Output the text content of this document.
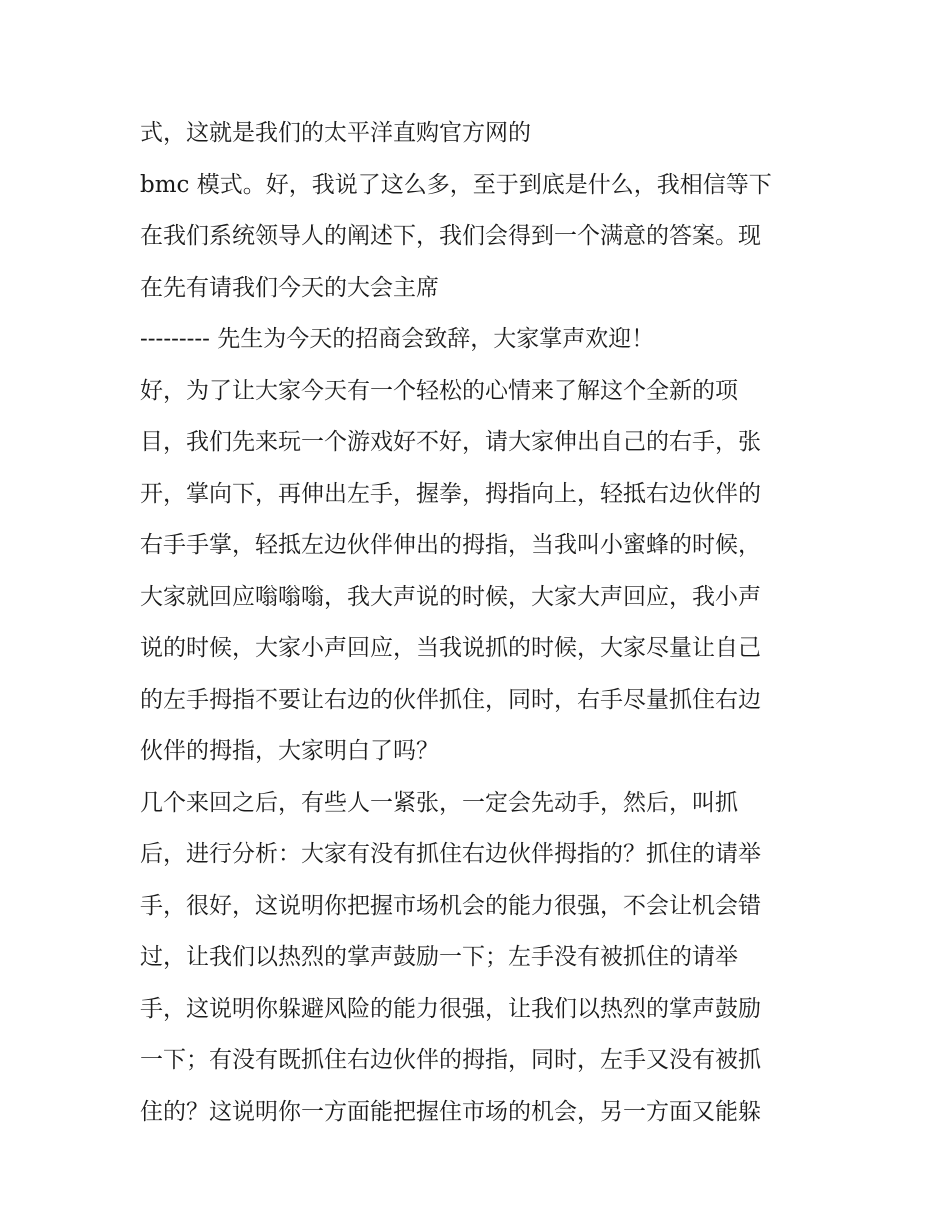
式，这就是我们的太平洋直购官方网的
bmc 模式。好，我说了这么多，至于到底是什么，我相信等下
在我们系统领导人的阐述下，我们会得到一个满意的答案。现
在先有请我们今天的大会主席
--------- 先生为今天的招商会致辞，大家掌声欢迎！
好，为了让大家今天有一个轻松的心情来了解这个全新的项
目，我们先来玩一个游戏好不好，请大家伸出自己的右手，张
开，掌向下，再伸出左手，握拳，拇指向上，轻抵右边伙伴的
右手手掌，轻抵左边伙伴伸出的拇指，当我叫小蜜蜂的时候，
大家就回应嗡嗡嗡，我大声说的时候，大家大声回应，我小声
说的时候，大家小声回应，当我说抓的时候，大家尽量让自己
的左手拇指不要让右边的伙伴抓住，同时，右手尽量抓住右边
伙伴的拇指，大家明白了吗？
几个来回之后，有些人一紧张，一定会先动手，然后，叫抓
后，进行分析：大家有没有抓住右边伙伴拇指的？抓住的请举
手，很好，这说明你把握市场机会的能力很强，不会让机会错
过，让我们以热烈的掌声鼓励一下；左手没有被抓住的请举
手，这说明你躲避风险的能力很强，让我们以热烈的掌声鼓励
一下；有没有既抓住右边伙伴的拇指，同时，左手又没有被抓
住的？这说明你一方面能把握住市场的机会，另一方面又能躲
